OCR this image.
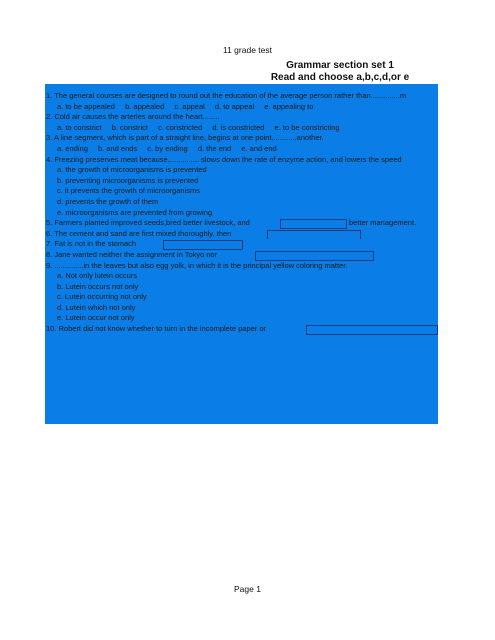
11 grade test
Grammar section set 1
Read and choose a,b,c,d,or e
1. The general courses are designed to round out the education of the average person rather than..............m
a. to be appealed b. appealed c. appeal d. to appeal e. appealing to
2. Cold air causes the arteries around the heart........
a. to constrict b. constrict c. constricted d. is constricted e. to be constricting
3. A line segment, which is part of a straight line, begins at one point............another.
a. ending b. and ends c. by ending d. the end e. and end
4. Freezing preserves meat because............... slows down the rate of enzyme action, and lowers the speed
a. the growth of microorganisms is prevented
b. preventing microorganisms is prevented
c. it prevents the growth of microorganisms
d. prevents the growth of them
e. microorganisms are prevented from growing
5. Farmers planted improved seeds,bred better livestock, and	better management.
6. The cement and sand are first mixed thoroughly, then
7. Fat is not in the stomach
8. Jane wanted neither the assignment in Tokyo nor
9. ..............in the leaves but also egg yolk, in which it is the principal yellow coloring matter.
a. Not only lutein occurs
b. Lutein occurs not only
c. Lutein occurring not only
d. Lutein which not only
e. Lutein occur not only
10. Robert did not know whether to turn in the incomplete paper or
Page 1
